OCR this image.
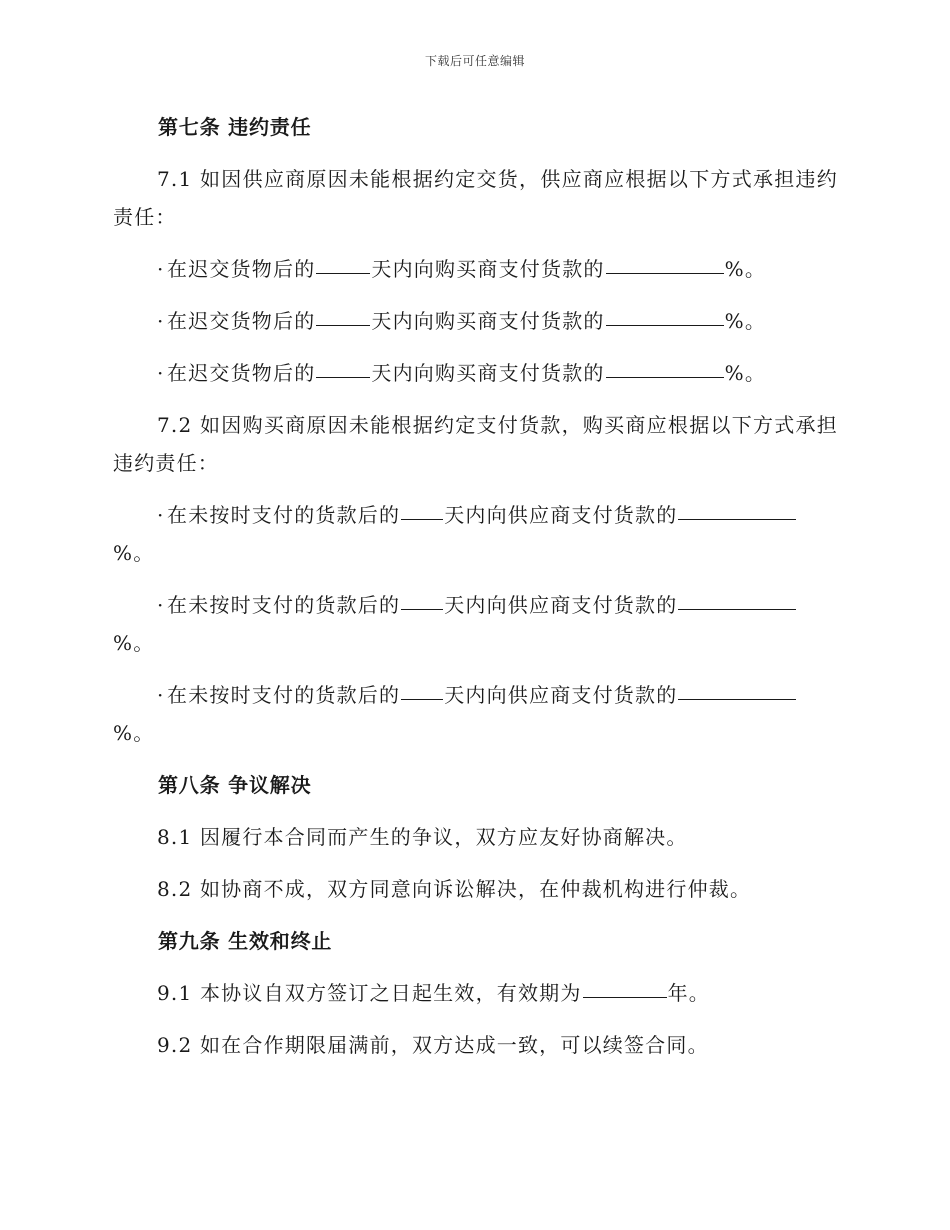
下载后可任意编辑

第七条 违约责任

7.1 如因供应商原因未能根据约定交货，供应商应根据以下方式承担违约

责任：

· 在迟交货物后的	天内向购买商支付货款的	%。

· 在迟交货物后的	天内向购买商支付货款的	%。

· 在迟交货物后的	天内向购买商支付货款的	%。

7.2 如因购买商原因未能根据约定支付货款，购买商应根据以下方式承担

违约责任：

· 在未按时支付的货款后的 天内向供应商支付货款的

%。

· 在未按时支付的货款后的 天内向供应商支付货款的

%。

· 在未按时支付的货款后的 天内向供应商支付货款的

%。

第八条 争议解决

8.1 因履行本合同而产生的争议，双方应友好协商解决。

8.2 如协商不成，双方同意向诉讼解决，在仲裁机构进行仲裁。

第九条 生效和终止

9.1 本协议自双方签订之日起生效，有效期为	年。

9.2 如在合作期限届满前，双方达成一致，可以续签合同。
